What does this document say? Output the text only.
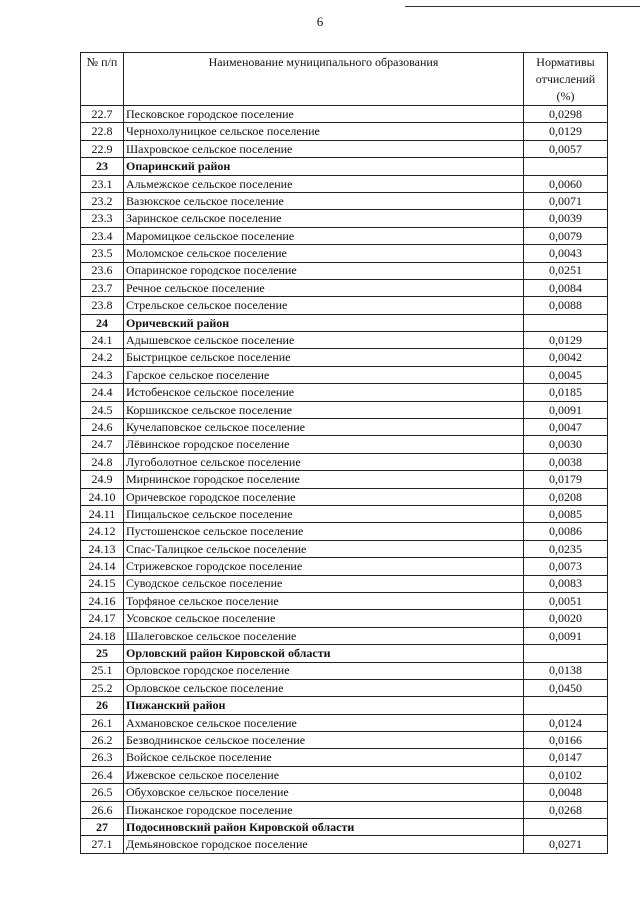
6
№ п/п	Наименование муниципального образования	Нормативы отчислений (%)
22.7	Песковское городское поселение	0,0298
22.8	Чернохолуницкое сельское поселение	0,0129
22.9	Шахровское сельское поселение	0,0057
23	Опаринский район	
23.1	Альмежское сельское поселение	0,0060
23.2	Вазюкское сельское поселение	0,0071
23.3	Заринское сельское поселение	0,0039
23.4	Маромицкое сельское поселение	0,0079
23.5	Моломское сельское поселение	0,0043
23.6	Опаринское городское поселение	0,0251
23.7	Речное сельское поселение	0,0084
23.8	Стрельское сельское поселение	0,0088
24	Оричевский район	
24.1	Адышевское сельское поселение	0,0129
24.2	Быстрицкое сельское поселение	0,0042
24.3	Гарское сельское поселение	0,0045
24.4	Истобенское сельское поселение	0,0185
24.5	Коршикское сельское поселение	0,0091
24.6	Кучелаповское сельское поселение	0,0047
24.7	Лёвинское городское поселение	0,0030
24.8	Лугоболотное сельское поселение	0,0038
24.9	Мирнинское городское поселение	0,0179
24.10	Оричевское городское поселение	0,0208
24.11	Пищальское сельское поселение	0,0085
24.12	Пустошенское сельское поселение	0,0086
24.13	Спас-Талицкое сельское поселение	0,0235
24.14	Стрижевское городское поселение	0,0073
24.15	Суводское сельское поселение	0,0083
24.16	Торфяное сельское поселение	0,0051
24.17	Усовское сельское поселение	0,0020
24.18	Шалеговское сельское поселение	0,0091
25	Орловский район Кировской области	
25.1	Орловское городское поселение	0,0138
25.2	Орловское сельское поселение	0,0450
26	Пижанский район	
26.1	Ахмановское сельское поселение	0,0124
26.2	Безводнинское сельское поселение	0,0166
26.3	Войское сельское поселение	0,0147
26.4	Ижевское сельское поселение	0,0102
26.5	Обуховское сельское поселение	0,0048
26.6	Пижанское городское поселение	0,0268
27	Подосиновский район Кировской области	
27.1	Демьяновское городское поселение	0,0271
